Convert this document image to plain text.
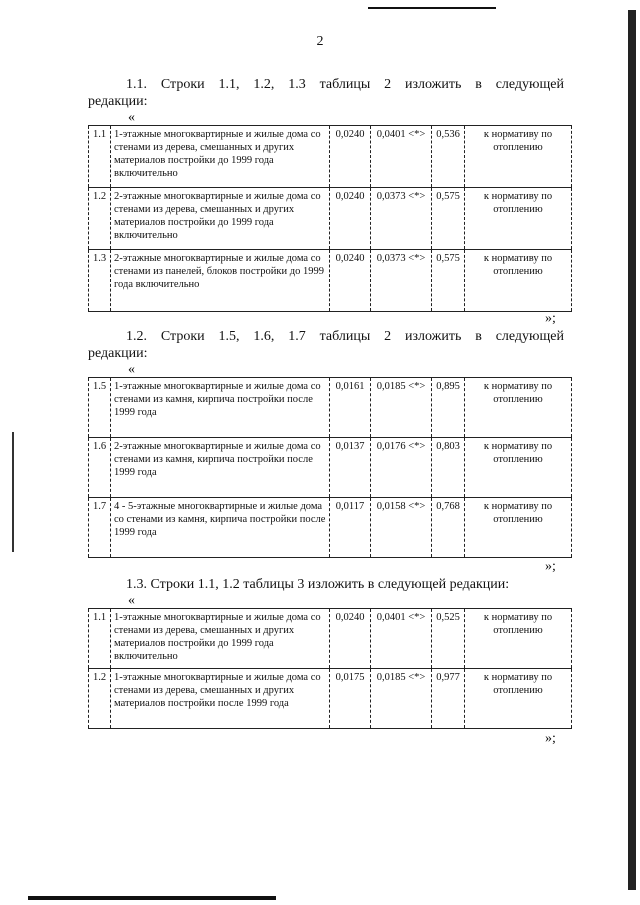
2
1.1. Строки 1.1, 1.2, 1.3 таблицы 2 изложить в следующей
редакции:
«
1.1	1-этажные многоквартирные и жилые дома со стенами из дерева, смешанных и других материалов постройки до 1999 года включительно	0,0240	0,0401 <*>	0,536	к нормативу по отоплению
1.2	2-этажные многоквартирные и жилые дома со стенами из дерева, смешанных и других материалов постройки до 1999 года включительно	0,0240	0,0373 <*>	0,575	к нормативу по отоплению
1.3	2-этажные многоквартирные и жилые дома со стенами из панелей, блоков постройки до 1999 года включительно	0,0240	0,0373 <*>	0,575	к нормативу по отоплению
»;
1.2. Строки 1.5, 1.6, 1.7 таблицы 2 изложить в следующей
редакции:
«
1.5	1-этажные многоквартирные и жилые дома со стенами из камня, кирпича постройки после 1999 года	0,0161	0,0185 <*>	0,895	к нормативу по отоплению
1.6	2-этажные многоквартирные и жилые дома со стенами из камня, кирпича постройки после 1999 года	0,0137	0,0176 <*>	0,803	к нормативу по отоплению
1.7	4 - 5-этажные многоквартирные и жилые дома со стенами из камня, кирпича постройки после 1999 года	0,0117	0,0158 <*>	0,768	к нормативу по отоплению
»;
1.3. Строки 1.1, 1.2 таблицы 3 изложить в следующей редакции:
«
1.1	1-этажные многоквартирные и жилые дома со стенами из дерева, смешанных и других материалов постройки до 1999 года включительно	0,0240	0,0401 <*>	0,525	к нормативу по отоплению
1.2	1-этажные многоквартирные и жилые дома со стенами из дерева, смешанных и других материалов постройки после 1999 года	0,0175	0,0185 <*>	0,977	к нормативу по отоплению
»;
